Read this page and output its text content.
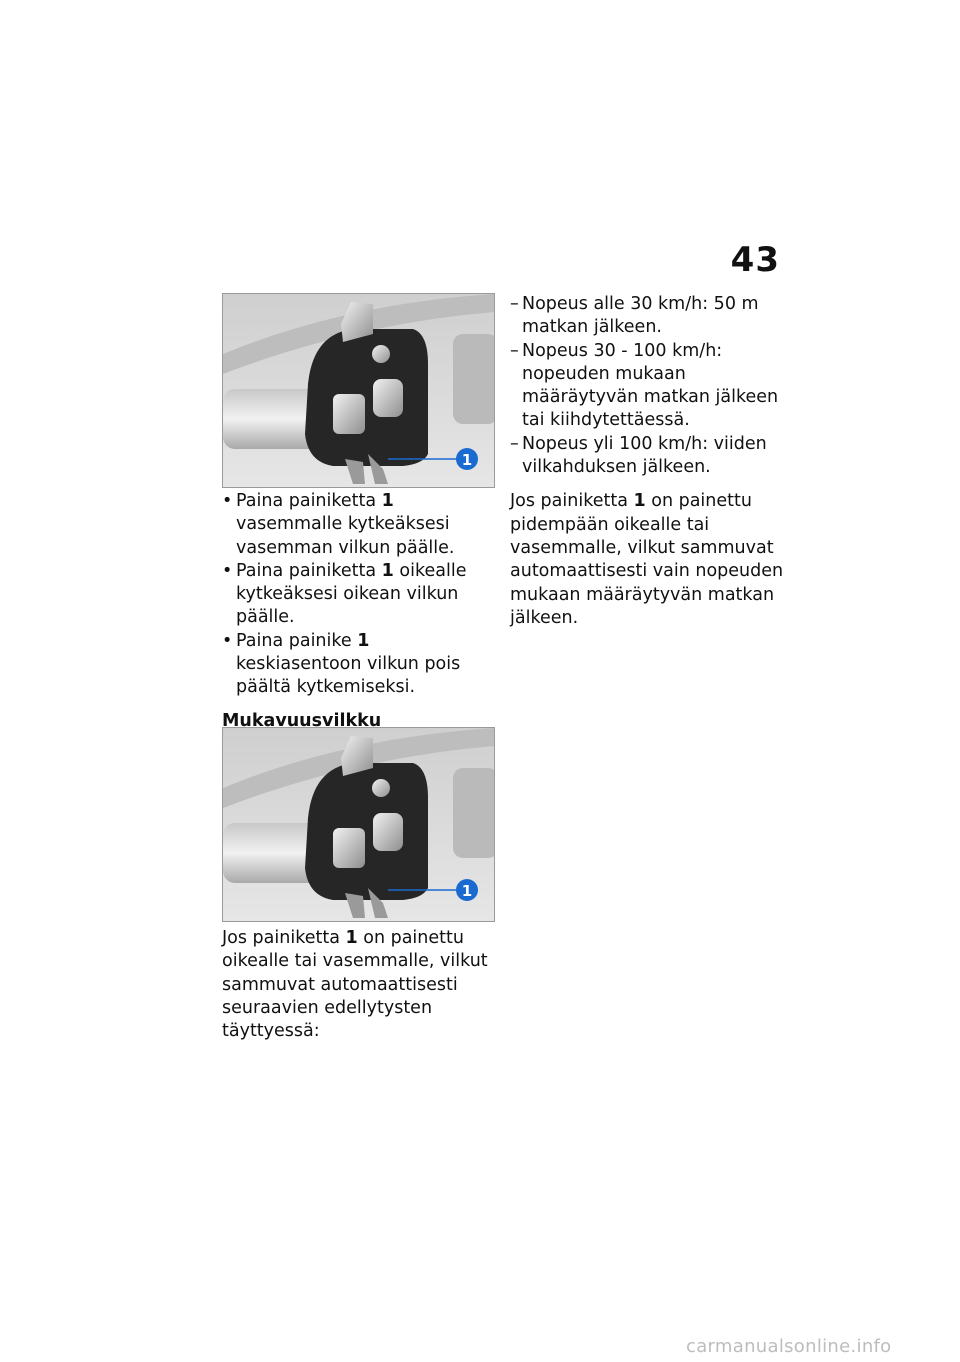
43
1
1
• Paina painiketta 1 vasemmalle kytkeäksesi vasemman vilkun päälle.
• Paina painiketta 1 oikealle kytkeäksesi oikean vilkun päälle.
• Paina painike 1 keskiasentoon vilkun pois päältä kytkemiseksi.
Mukavuusvilkku

Jos painiketta 1 on painettu oikealle tai vasemmalle, vilkut sammuvat automaattisesti seuraavien edellytysten täyttyessä:

– Nopeus alle 30 km/h: 50 m matkan jälkeen.
– Nopeus 30 - 100 km/h: nopeuden mukaan määräytyvän matkan jälkeen tai kiihdytettäessä.
– Nopeus yli 100 km/h: viiden vilkahduksen jälkeen.

Jos painiketta 1 on painettu pidempään oikealle tai vasemmalle, vilkut sammuvat automaattisesti vain nopeuden mukaan määräytyvän matkan jälkeen.

carmanualsonline.info
